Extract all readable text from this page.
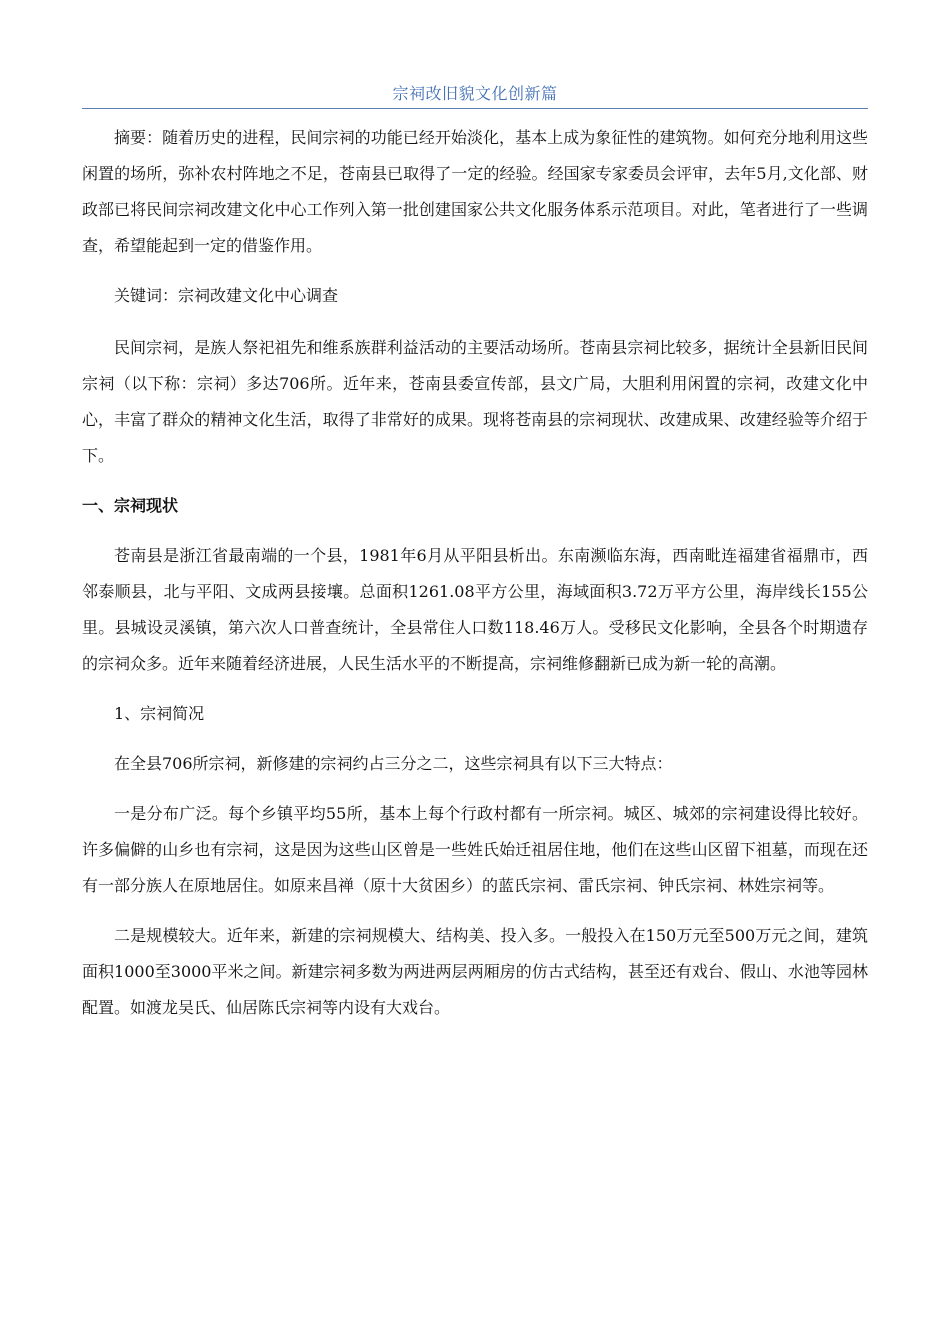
宗祠改旧貌文化创新篇

摘要：随着历史的进程，民间宗祠的功能已经开始淡化，基本上成为象征性的建筑物。如何充分地利用这些闲置的场所，弥补农村阵地之不足，苍南县已取得了一定的经验。经国家专家委员会评审，去年5月,文化部、财政部已将民间宗祠改建文化中心工作列入第一批创建国家公共文化服务体系示范项目。对此，笔者进行了一些调查，希望能起到一定的借鉴作用。

关键词：宗祠改建文化中心调查

民间宗祠，是族人祭祀祖先和维系族群利益活动的主要活动场所。苍南县宗祠比较多，据统计全县新旧民间宗祠（以下称：宗祠）多达706所。近年来，苍南县委宣传部，县文广局，大胆利用闲置的宗祠，改建文化中心，丰富了群众的精神文化生活，取得了非常好的成果。现将苍南县的宗祠现状、改建成果、改建经验等介绍于下。

一、宗祠现状

苍南县是浙江省最南端的一个县，1981年6月从平阳县析出。东南濒临东海，西南毗连福建省福鼎市，西邻泰顺县，北与平阳、文成两县接壤。总面积1261.08平方公里，海域面积3.72万平方公里，海岸线长155公里。县城设灵溪镇，第六次人口普查统计，全县常住人口数118.46万人。受移民文化影响，全县各个时期遗存的宗祠众多。近年来随着经济进展，人民生活水平的不断提高，宗祠维修翻新已成为新一轮的高潮。

1、宗祠简况

在全县706所宗祠，新修建的宗祠约占三分之二，这些宗祠具有以下三大特点：

一是分布广泛。每个乡镇平均55所，基本上每个行政村都有一所宗祠。城区、城郊的宗祠建设得比较好。许多偏僻的山乡也有宗祠，这是因为这些山区曾是一些姓氏始迁祖居住地，他们在这些山区留下祖墓，而现在还有一部分族人在原地居住。如原来昌禅（原十大贫困乡）的蓝氏宗祠、雷氏宗祠、钟氏宗祠、林姓宗祠等。

二是规模较大。近年来，新建的宗祠规模大、结构美、投入多。一般投入在150万元至500万元之间，建筑面积1000至3000平米之间。新建宗祠多数为两进两层两厢房的仿古式结构，甚至还有戏台、假山、水池等园林配置。如渡龙吴氏、仙居陈氏宗祠等内设有大戏台。
